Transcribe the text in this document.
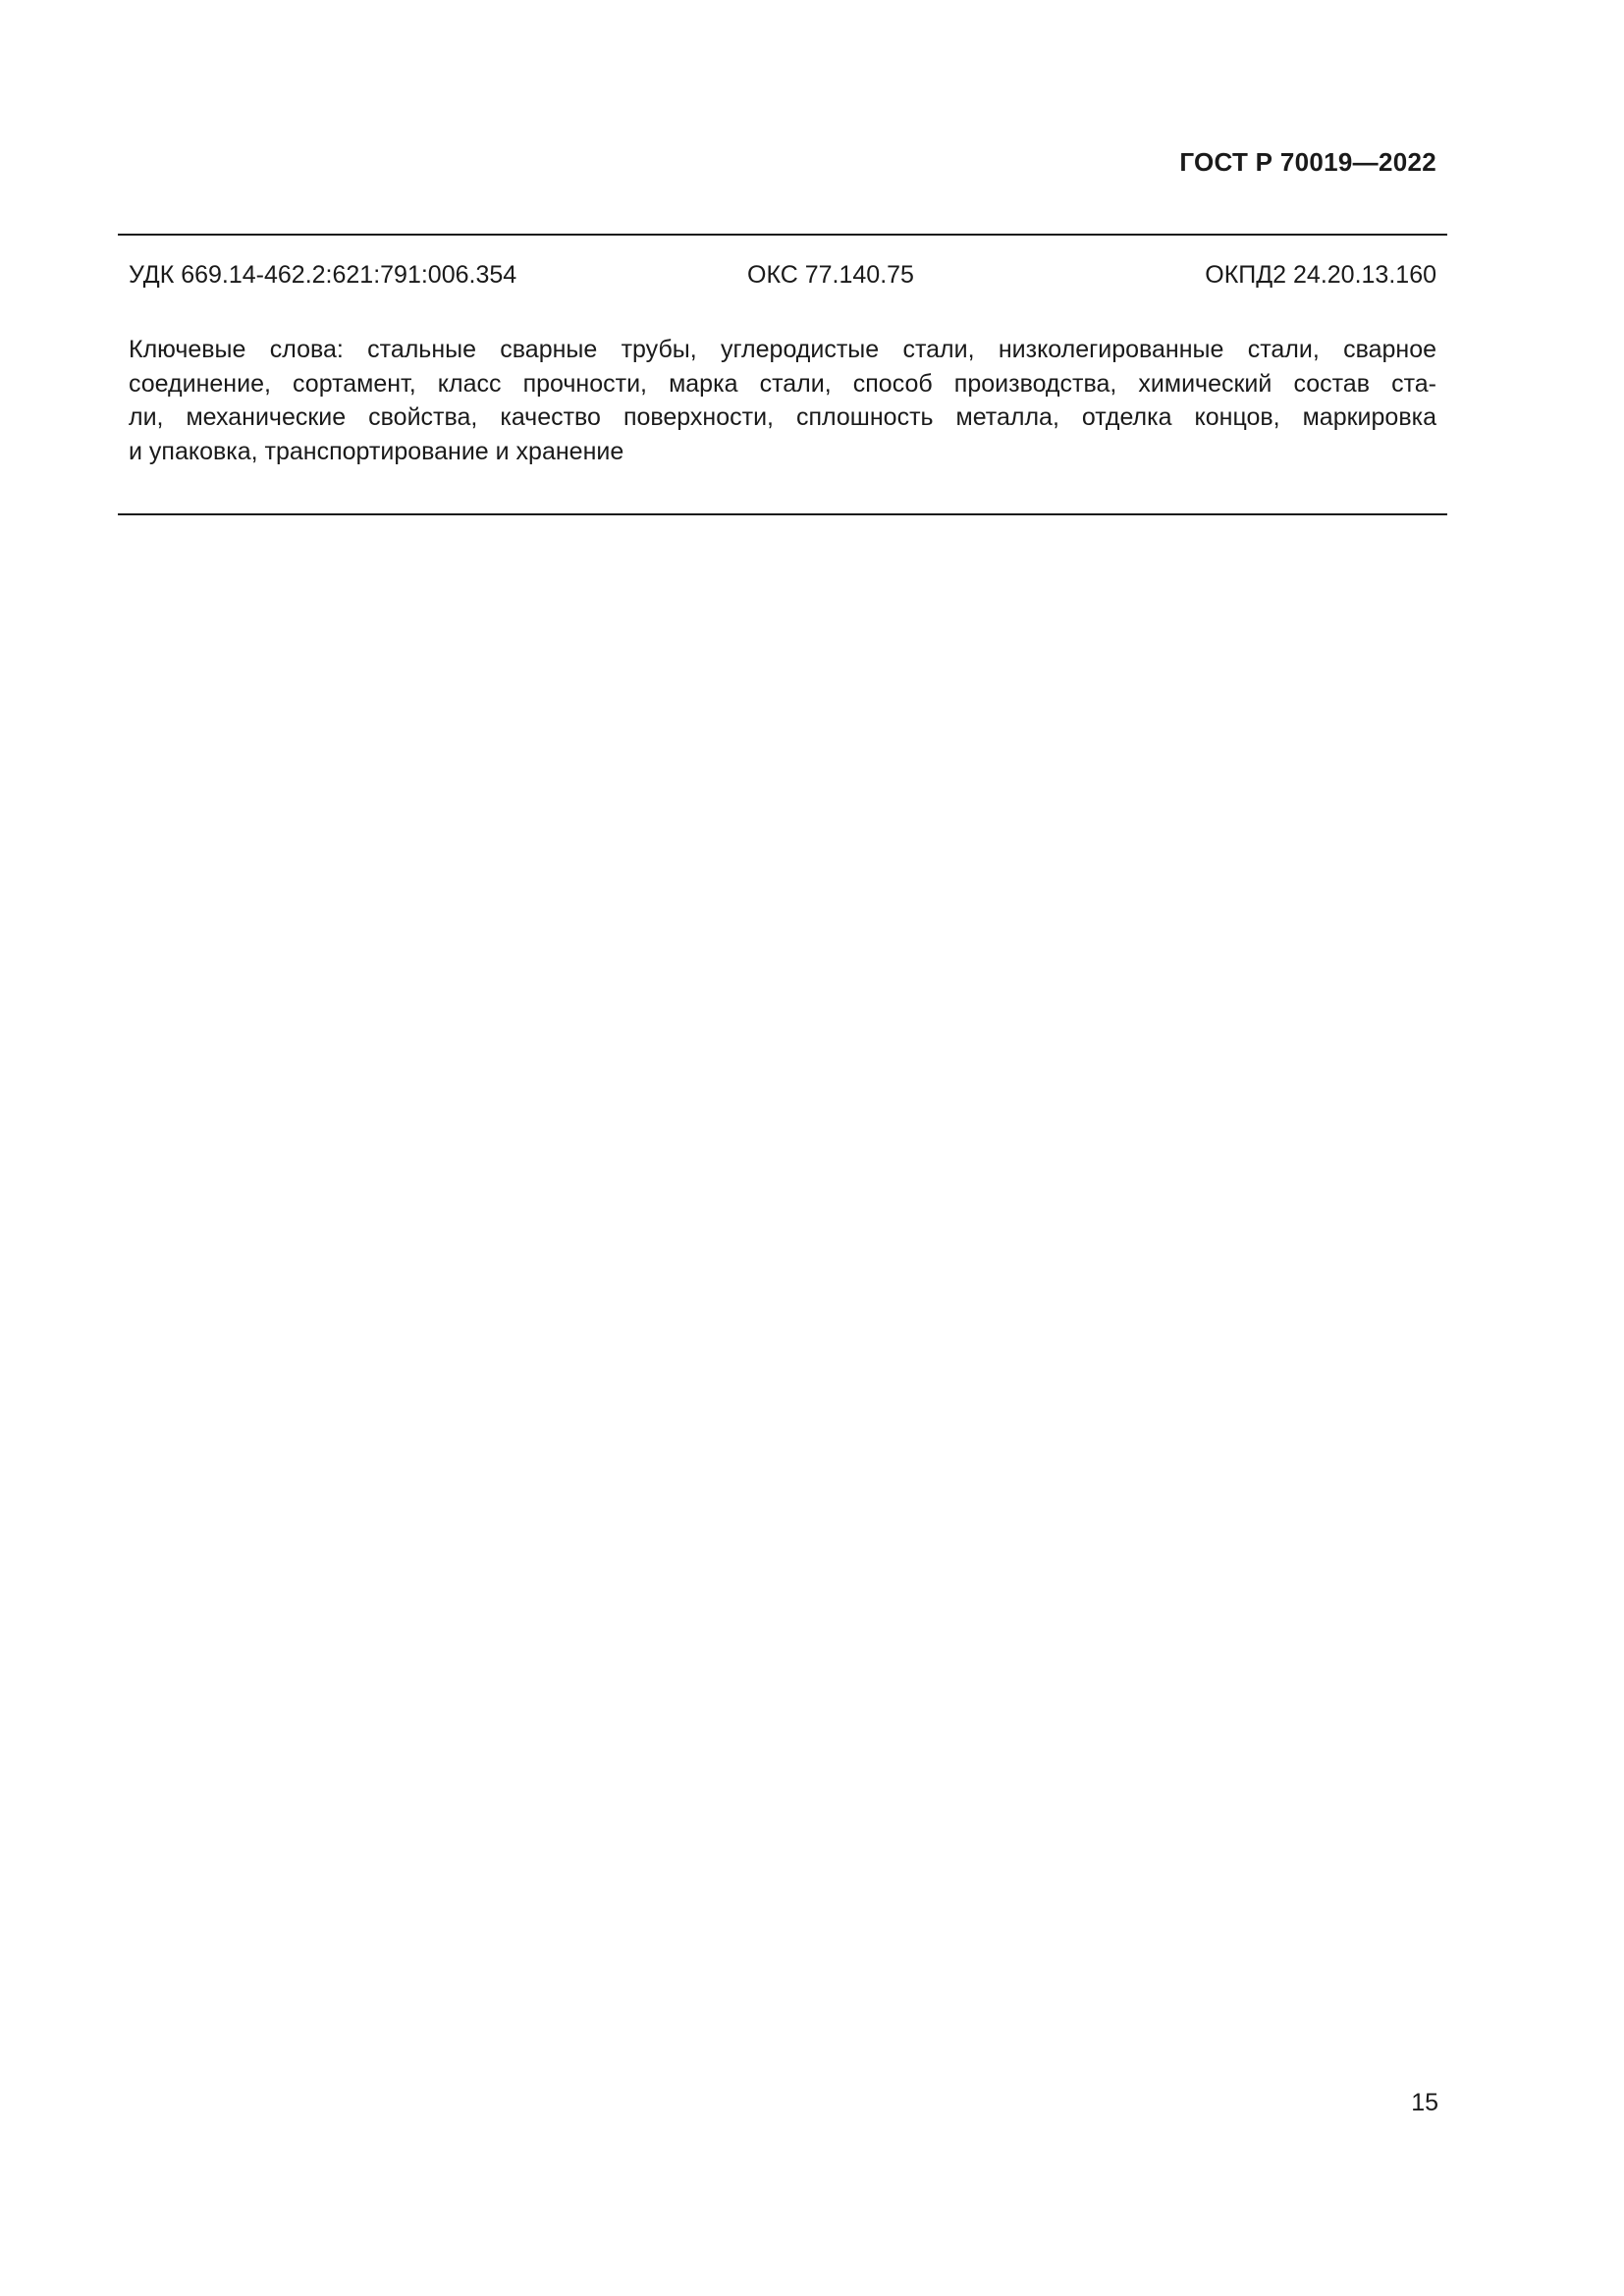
ГОСТ Р 70019—2022
УДК 669.14-462.2:621:791:006.354	ОКС 77.140.75	ОКПД2 24.20.13.160
Ключевые слова: стальные сварные трубы, углеродистые стали, низколегированные стали, сварное
соединение, сортамент, класс прочности, марка стали, способ производства, химический состав ста-
ли, механические свойства, качество поверхности, сплошность металла, отделка концов, маркировка
и упаковка, транспортирование и хранение
15
